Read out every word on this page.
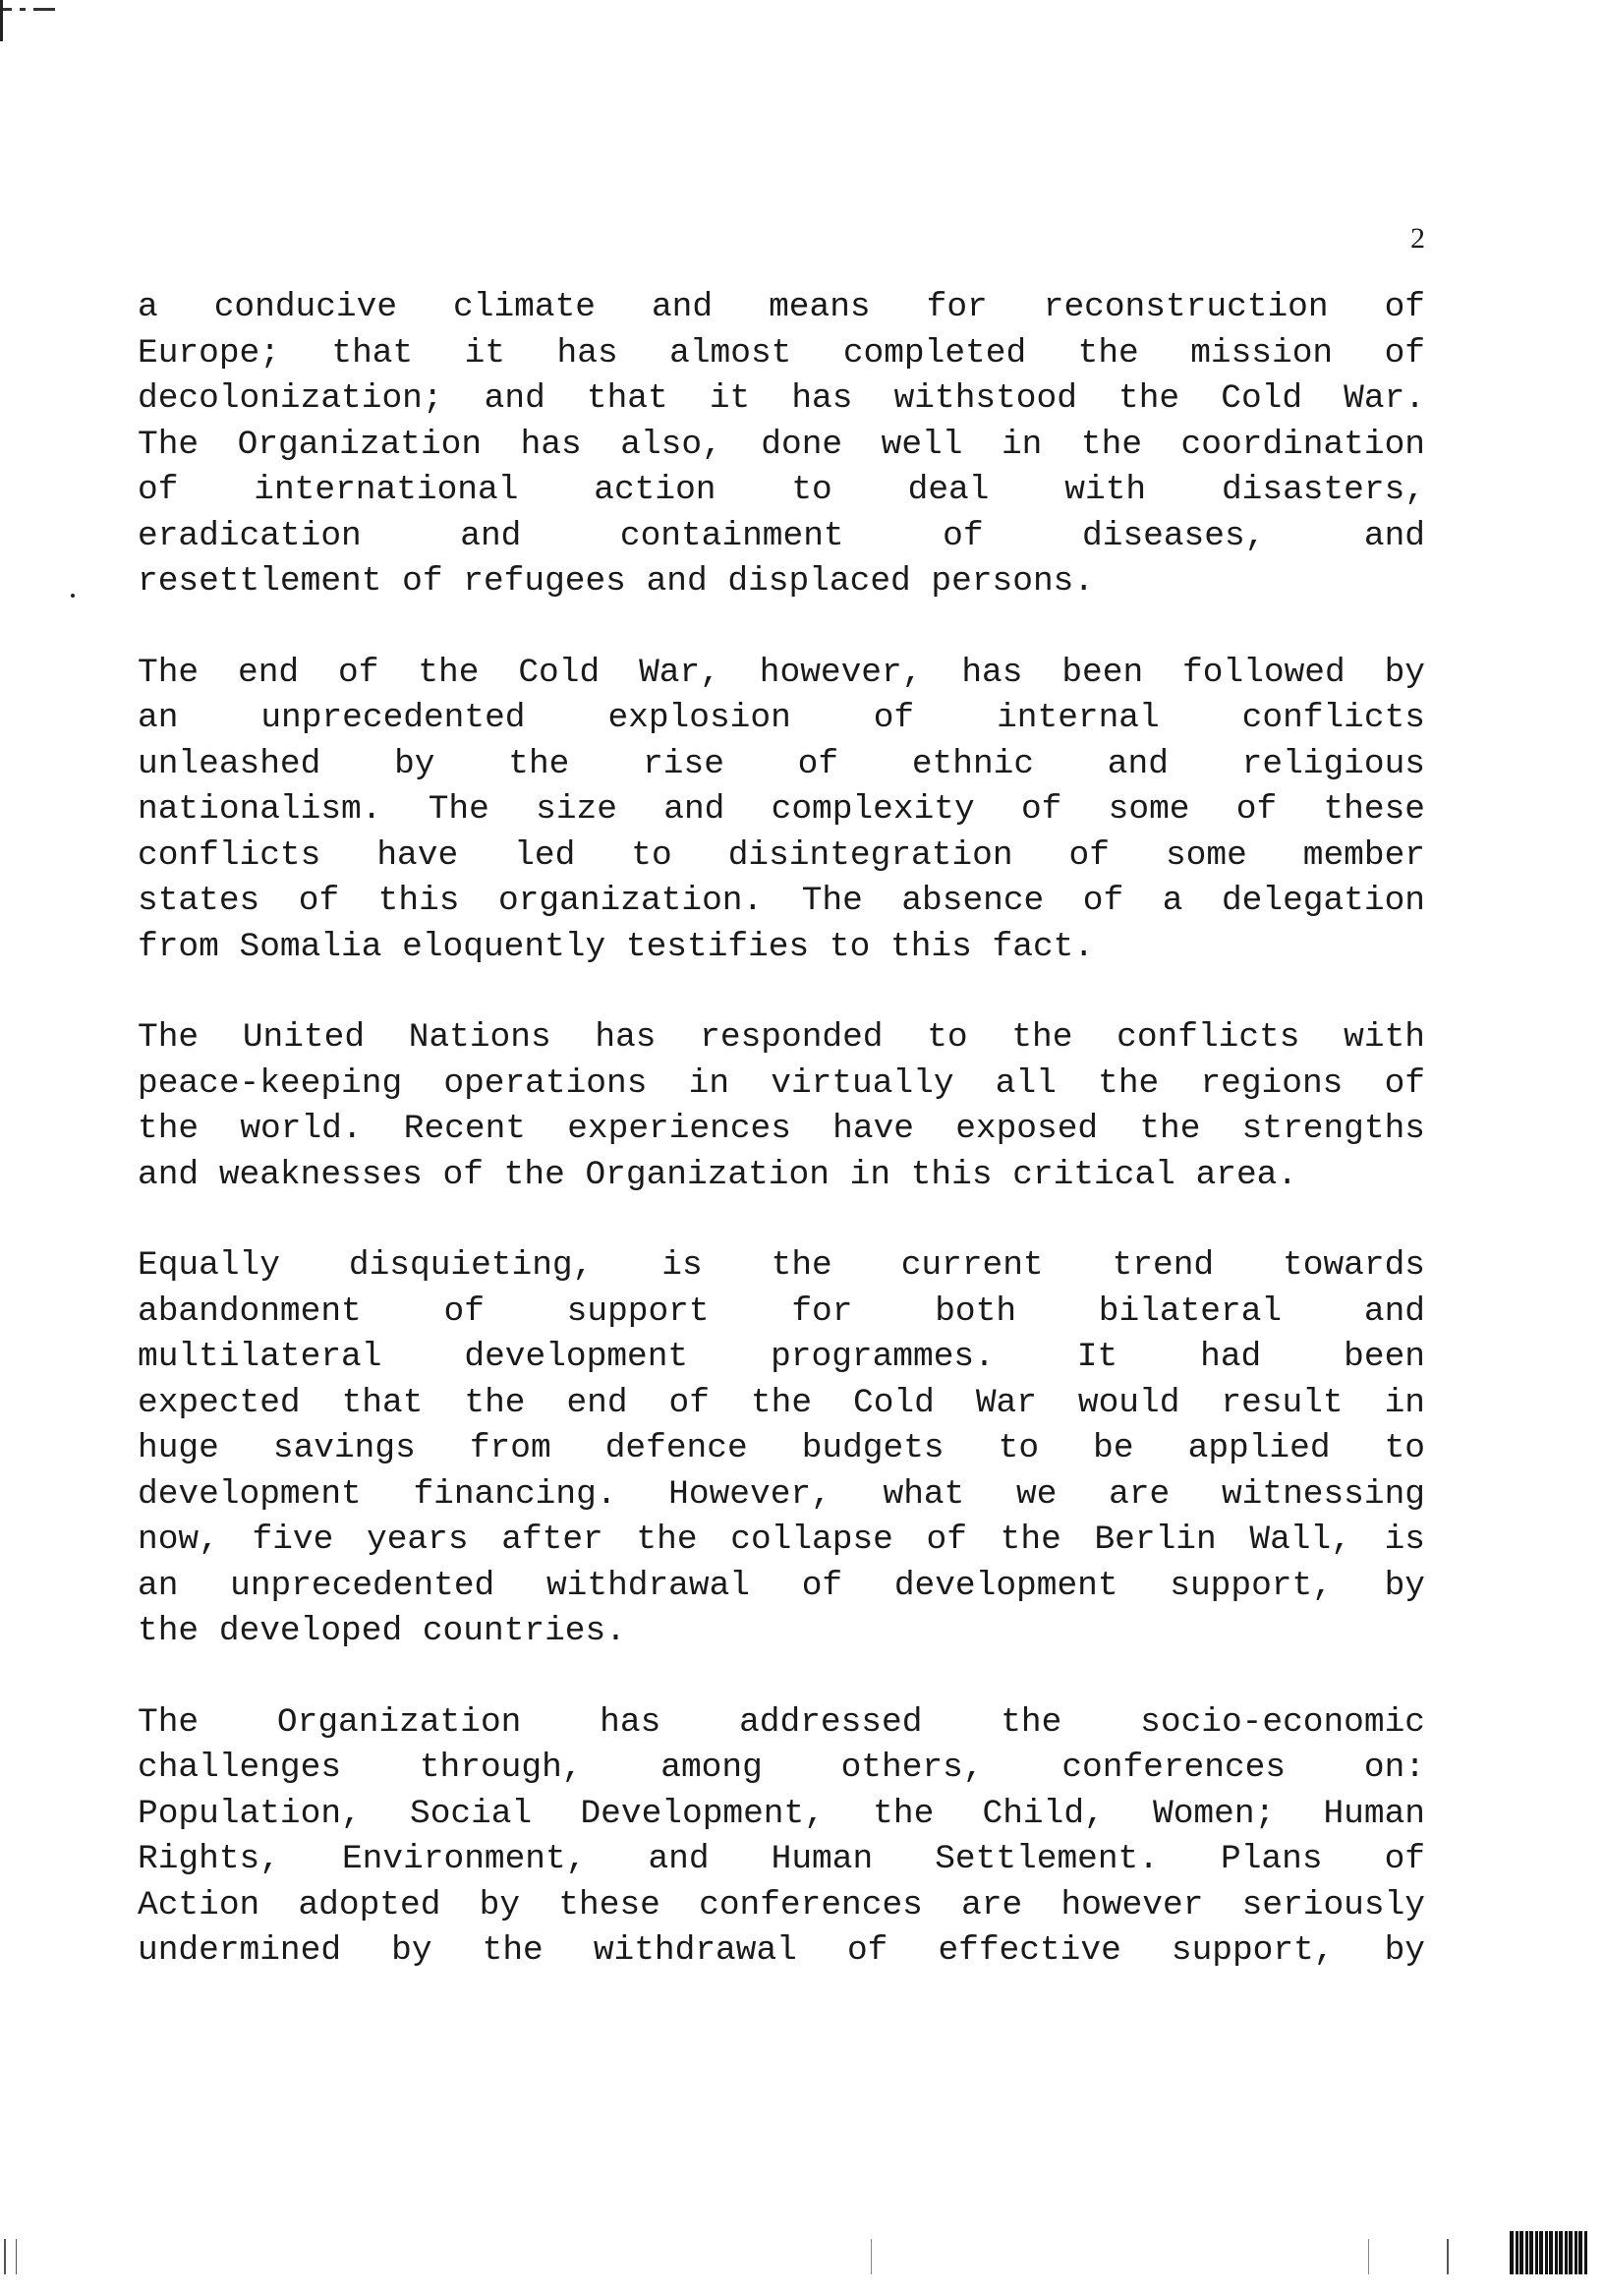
2

a conducive climate and means for reconstruction of
Europe; that it has almost completed the mission of
decolonization; and that it has withstood the Cold War.
The Organization has also, done well in the coordination
of international action to deal with disasters,
eradication and containment of diseases, and
resettlement of refugees and displaced persons.

The end of the Cold War, however, has been followed by
an unprecedented explosion of internal conflicts
unleashed by the rise of ethnic and religious
nationalism. The size and complexity of some of these
conflicts have led to disintegration of some member
states of this organization. The absence of a delegation
from Somalia eloquently testifies to this fact.

The United Nations has responded to the conflicts with
peace-keeping operations in virtually all the regions of
the world. Recent experiences have exposed the strengths
and weaknesses of the Organization in this critical area.

Equally disquieting, is the current trend towards
abandonment of support for both bilateral and
multilateral development programmes. It had been
expected that the end of the Cold War would result in
huge savings from defence budgets to be applied to
development financing. However, what we are witnessing
now, five years after the collapse of the Berlin Wall, is
an unprecedented withdrawal of development support, by
the developed countries.

The Organization has addressed the socio-economic
challenges through, among others, conferences on:
Population, Social Development, the Child, Women; Human
Rights, Environment, and Human Settlement. Plans of
Action adopted by these conferences are however seriously
undermined by the withdrawal of effective support, by
